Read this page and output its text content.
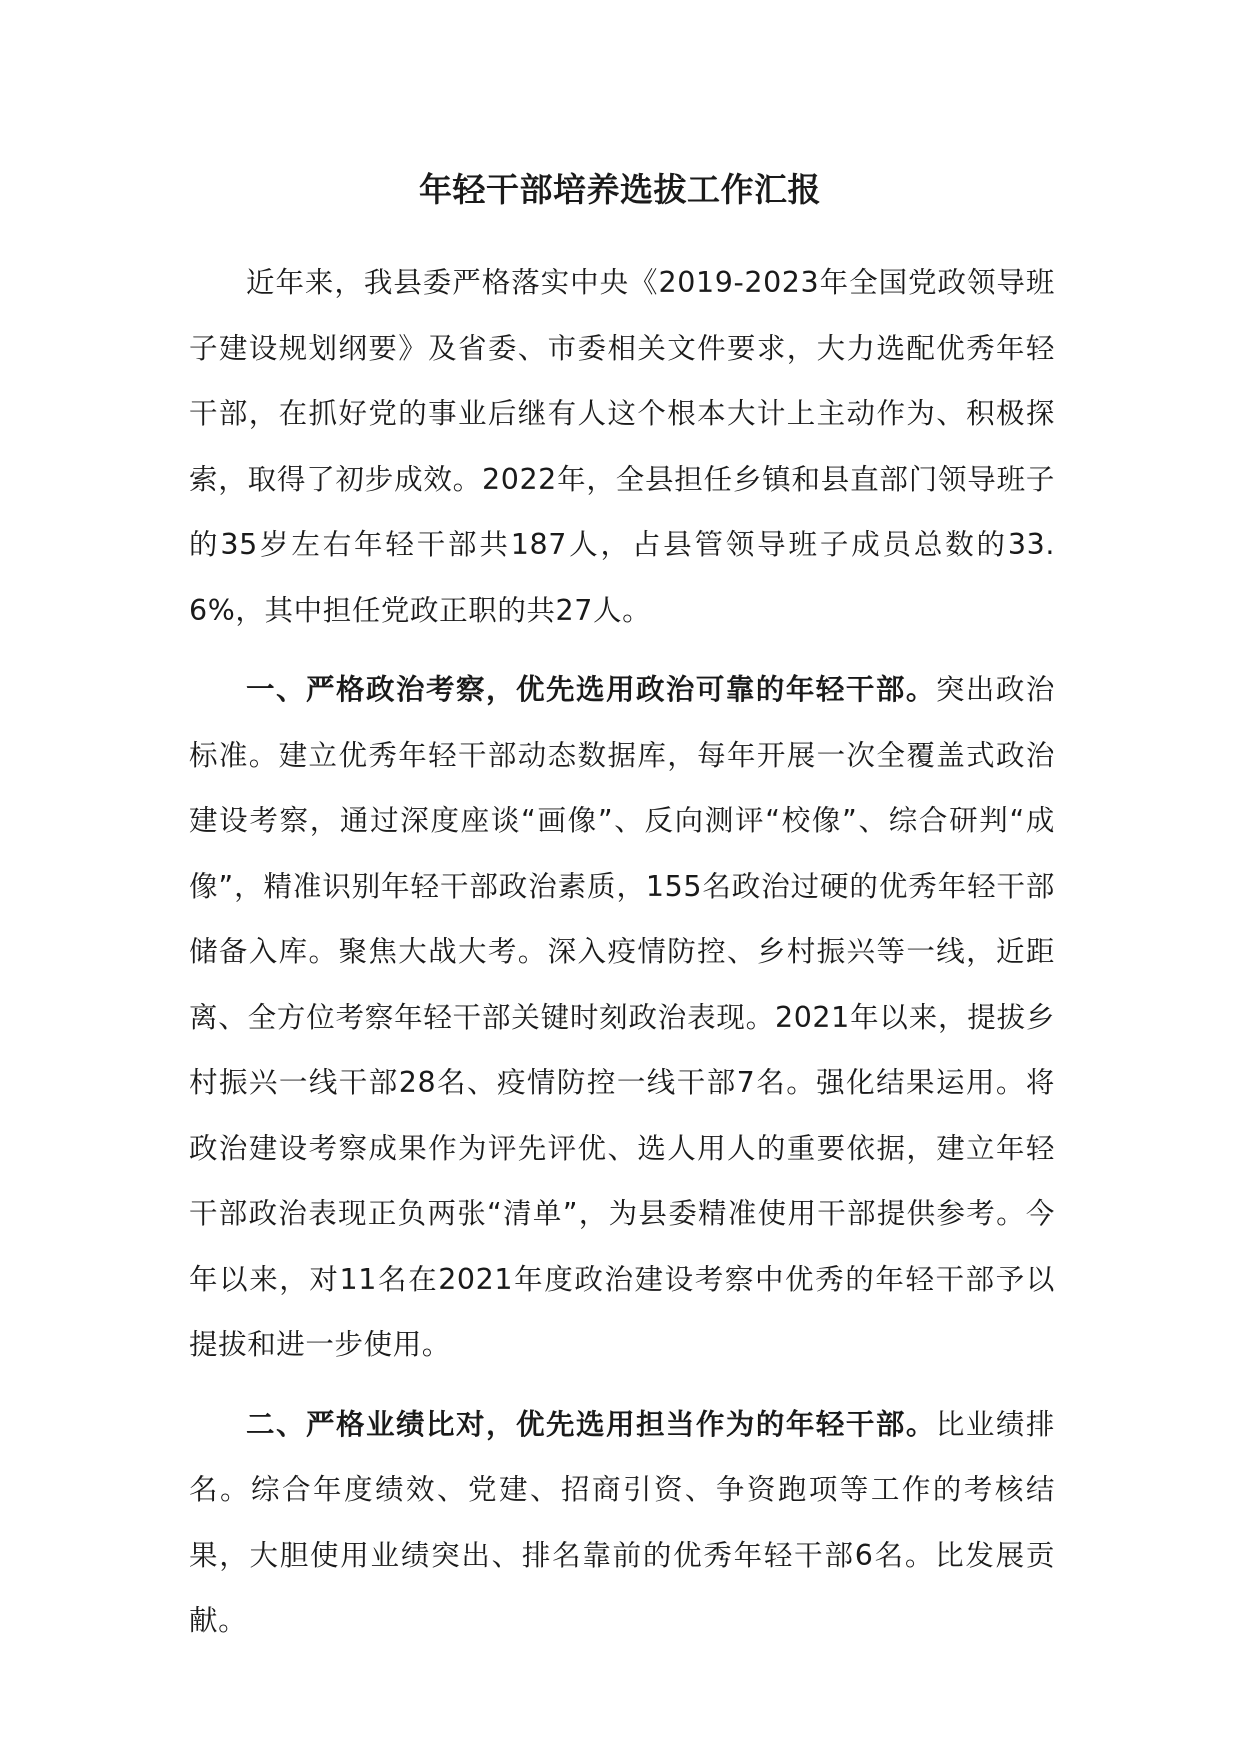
年轻干部培养选拔工作汇报

近年来，我县委严格落实中央《2019-2023年全国党政领导班子建设规划纲要》及省委、市委相关文件要求，大力选配优秀年轻干部，在抓好党的事业后继有人这个根本大计上主动作为、积极探索，取得了初步成效。2022年，全县担任乡镇和县直部门领导班子的35岁左右年轻干部共187人，占县管领导班子成员总数的33.6%，其中担任党政正职的共27人。

一、严格政治考察，优先选用政治可靠的年轻干部。突出政治标准。建立优秀年轻干部动态数据库，每年开展一次全覆盖式政治建设考察，通过深度座谈“画像”、反向测评“校像”、综合研判“成像”，精准识别年轻干部政治素质，155名政治过硬的优秀年轻干部储备入库。聚焦大战大考。深入疫情防控、乡村振兴等一线，近距离、全方位考察年轻干部关键时刻政治表现。2021年以来，提拔乡村振兴一线干部28名、疫情防控一线干部7名。强化结果运用。将政治建设考察成果作为评先评优、选人用人的重要依据，建立年轻干部政治表现正负两张“清单”，为县委精准使用干部提供参考。今年以来，对11名在2021年度政治建设考察中优秀的年轻干部予以提拔和进一步使用。

二、严格业绩比对，优先选用担当作为的年轻干部。比业绩排名。综合年度绩效、党建、招商引资、争资跑项等工作的考核结果，大胆使用业绩突出、排名靠前的优秀年轻干部6名。比发展贡献。
